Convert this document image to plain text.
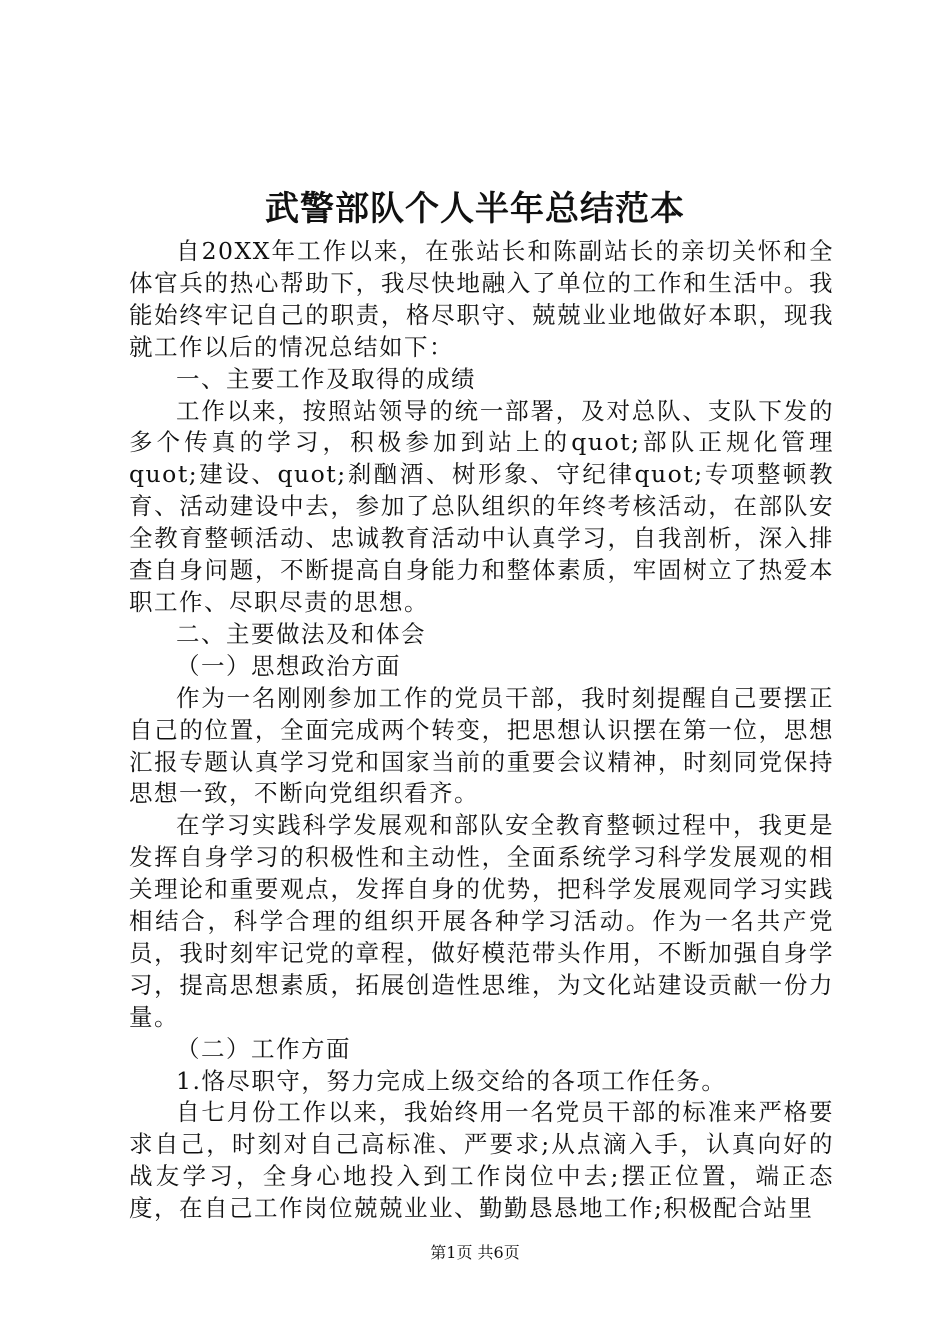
武警部队个人半年总结范本

自20XX年工作以来，在张站长和陈副站长的亲切关怀和全体官兵的热心帮助下，我尽快地融入了单位的工作和生活中。我能始终牢记自己的职责，格尽职守、兢兢业业地做好本职，现我就工作以后的情况总结如下：

一、主要工作及取得的成绩

工作以来，按照站领导的统一部署，及对总队、支队下发的多个传真的学习，积极参加到站上的quot;部队正规化管理quot;建设、quot;刹酗酒、树形象、守纪律quot;专项整顿教育、活动建设中去，参加了总队组织的年终考核活动，在部队安全教育整顿活动、忠诚教育活动中认真学习，自我剖析，深入排查自身问题，不断提高自身能力和整体素质，牢固树立了热爱本职工作、尽职尽责的思想。

二、主要做法及和体会

（一）思想政治方面

作为一名刚刚参加工作的党员干部，我时刻提醒自己要摆正自己的位置，全面完成两个转变，把思想认识摆在第一位，思想汇报专题认真学习党和国家当前的重要会议精神，时刻同党保持思想一致，不断向党组织看齐。

在学习实践科学发展观和部队安全教育整顿过程中，我更是发挥自身学习的积极性和主动性，全面系统学习科学发展观的相关理论和重要观点，发挥自身的优势，把科学发展观同学习实践相结合，科学合理的组织开展各种学习活动。作为一名共产党员，我时刻牢记党的章程，做好模范带头作用，不断加强自身学习，提高思想素质，拓展创造性思维，为文化站建设贡献一份力量。

（二）工作方面

1.恪尽职守，努力完成上级交给的各项工作任务。

自七月份工作以来，我始终用一名党员干部的标准来严格要求自己，时刻对自己高标准、严要求;从点滴入手，认真向好的战友学习，全身心地投入到工作岗位中去;摆正位置，端正态度，在自己工作岗位兢兢业业、勤勤恳恳地工作;积极配合站里

第1页 共6页
